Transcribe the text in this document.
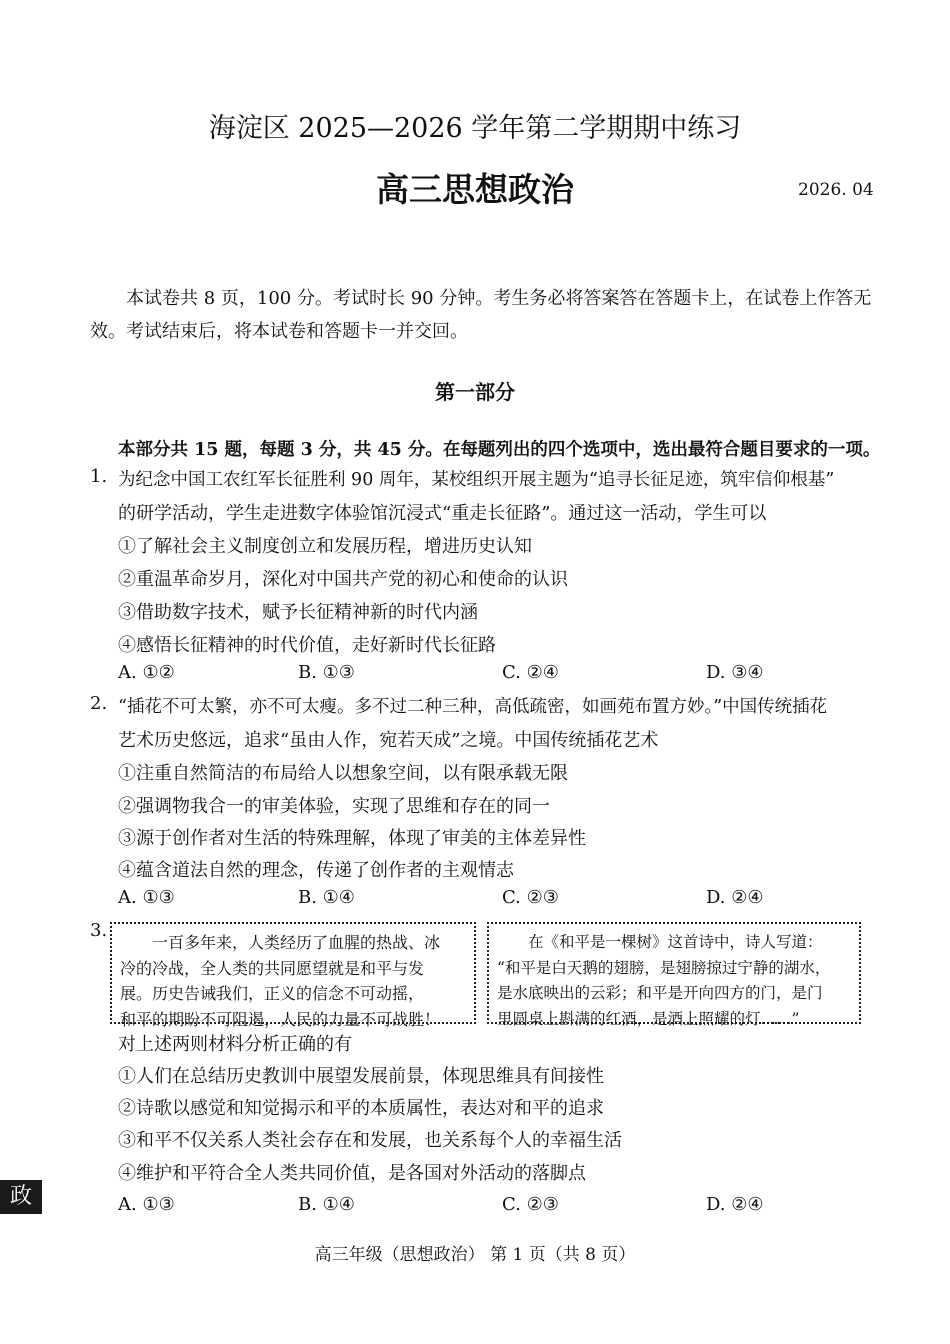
海淀区 2025—2026 学年第二学期期中练习
高三思想政治	2026. 04
本试卷共 8 页，100 分。考试时长 90 分钟。考生务必将答案答在答题卡上，在试卷上作答无
效。考试结束后，将本试卷和答题卡一并交回。
第一部分
本部分共 15 题，每题 3 分，共 45 分。在每题列出的四个选项中，选出最符合题目要求的一项。
1. 为纪念中国工农红军长征胜利 90 周年，某校组织开展主题为“追寻长征足迹，筑牢信仰根基”
的研学活动，学生走进数字体验馆沉浸式“重走长征路”。通过这一活动，学生可以
①了解社会主义制度创立和发展历程，增进历史认知
②重温革命岁月，深化对中国共产党的初心和使命的认识
③借助数字技术，赋予长征精神新的时代内涵
④感悟长征精神的时代价值，走好新时代长征路
A. ①②	B. ①③	C. ②④	D. ③④
2. “插花不可太繁，亦不可太瘦。多不过二种三种，高低疏密，如画苑布置方妙。”中国传统插花
艺术历史悠远，追求“虽由人作，宛若天成”之境。中国传统插花艺术
①注重自然简洁的布局给人以想象空间，以有限承载无限
②强调物我合一的审美体验，实现了思维和存在的同一
③源于创作者对生活的特殊理解，体现了审美的主体差异性
④蕴含道法自然的理念，传递了创作者的主观情志
A. ①③	B. ①④	C. ②③	D. ②④
3.
　　一百多年来，人类经历了血腥的热战、冰
冷的冷战，全人类的共同愿望就是和平与发
展。历史告诫我们，正义的信念不可动摇，
和平的期盼不可阻遏，人民的力量不可战胜！
　　在《和平是一棵树》这首诗中，诗人写道：
“和平是白天鹅的翅膀，是翅膀掠过宁静的湖水，
是水底映出的云彩；和平是开向四方的门，是门
里圆桌上斟满的红酒，是酒上照耀的灯……”
对上述两则材料分析正确的有
①人们在总结历史教训中展望发展前景，体现思维具有间接性
②诗歌以感觉和知觉揭示和平的本质属性，表达对和平的追求
③和平不仅关系人类社会存在和发展，也关系每个人的幸福生活
④维护和平符合全人类共同价值，是各国对外活动的落脚点
A. ①③	B. ①④	C. ②③	D. ②④
政
高三年级（思想政治） 第 1 页（共 8 页）
